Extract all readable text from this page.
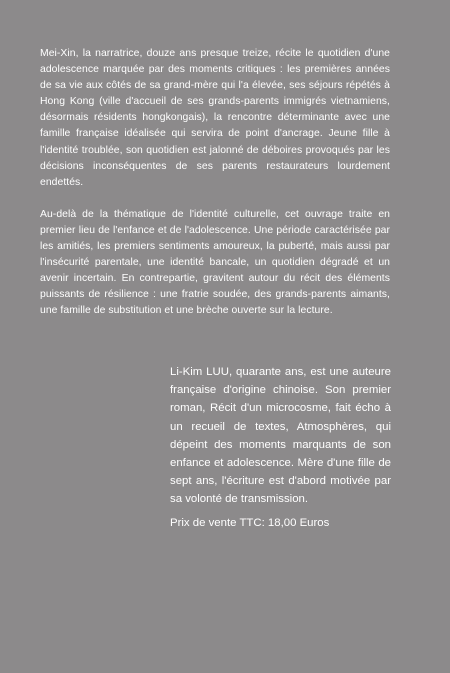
Mei-Xin, la narratrice, douze ans presque treize, récite le quotidien d'une adolescence marquée par des moments critiques : les premières années de sa vie aux côtés de sa grand-mère qui l'a élevée, ses séjours répétés à Hong Kong (ville d'accueil de ses grands-parents immigrés vietnamiens, désormais résidents hongkongais), la rencontre déterminante avec une famille française idéalisée qui servira de point d'ancrage. Jeune fille à l'identité troublée, son quotidien est jalonné de déboires provoqués par les décisions inconséquentes de ses parents restaurateurs lourdement endettés.

Au-delà de la thématique de l'identité culturelle, cet ouvrage traite en premier lieu de l'enfance et de l'adolescence. Une période caractérisée par les amitiés, les premiers sentiments amoureux, la puberté, mais aussi par l'insécurité parentale, une identité bancale, un quotidien dégradé et un avenir incertain. En contrepartie, gravitent autour du récit des éléments puissants de résilience : une fratrie soudée, des grands-parents aimants, une famille de substitution et une brèche ouverte sur la lecture.

Li-Kim LUU, quarante ans, est une auteure française d'origine chinoise. Son premier roman, Récit d'un microcosme, fait écho à un recueil de textes, Atmosphères, qui dépeint des moments marquants de son enfance et adolescence. Mère d'une fille de sept ans, l'écriture est d'abord motivée par sa volonté de transmission.

Prix de vente TTC: 18,00 Euros
